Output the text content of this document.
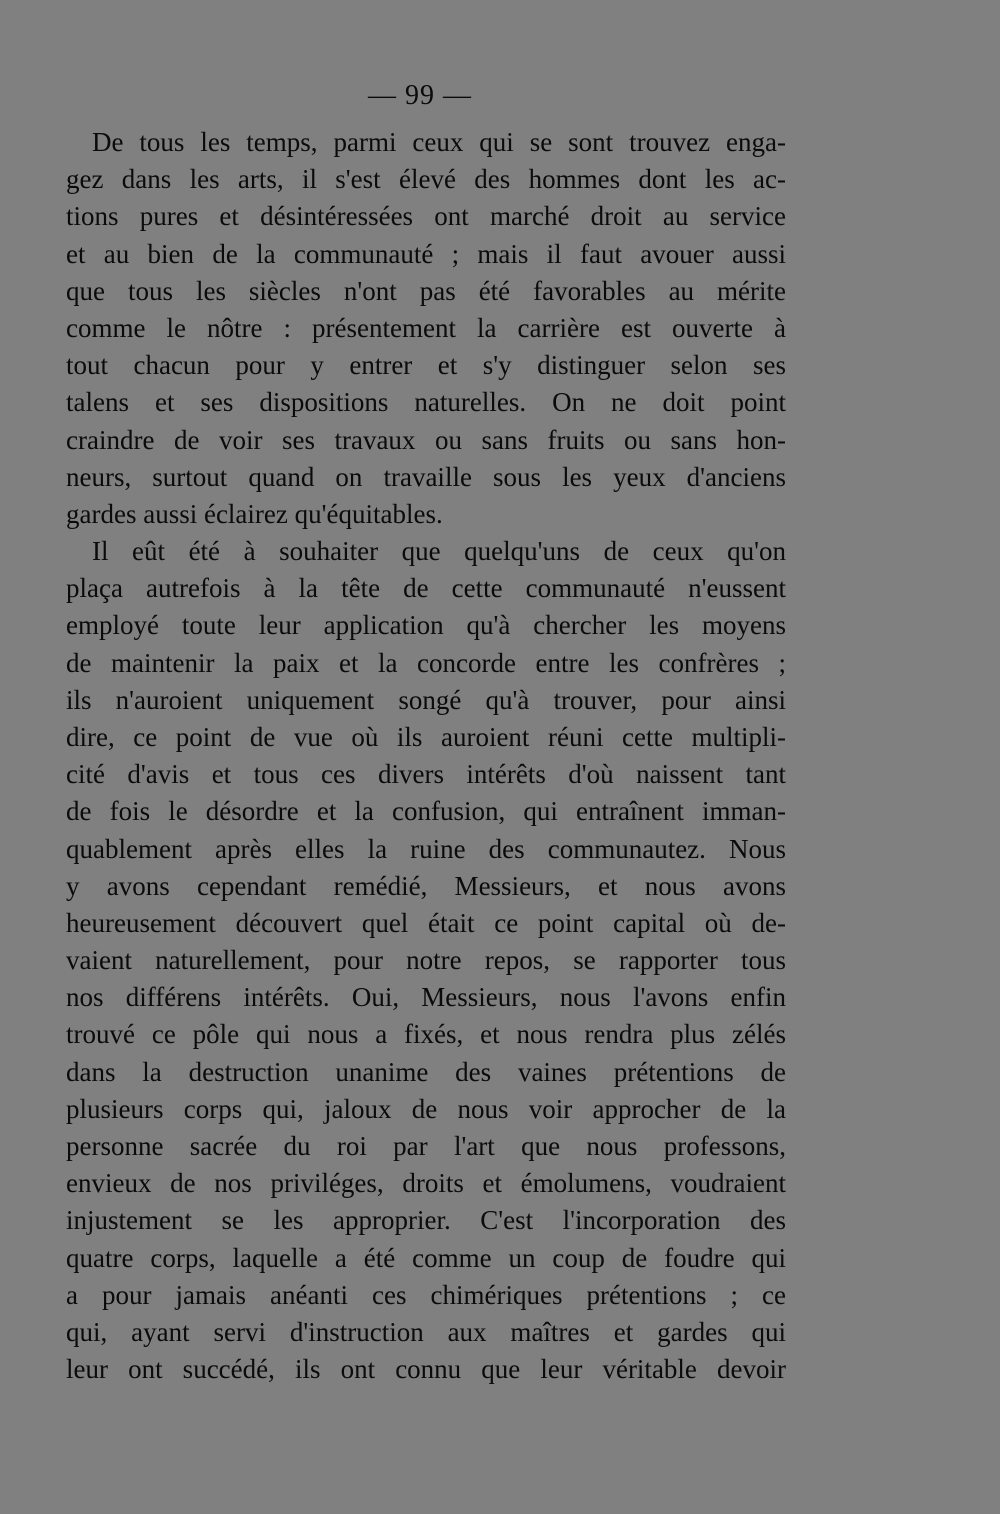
— 99 —

De tous les temps, parmi ceux qui se sont trouvez enga-
gez dans les arts, il s'est élevé des hommes dont les ac-
tions pures et désintéressées ont marché droit au service
et au bien de la communauté ; mais il faut avouer aussi
que tous les siècles n'ont pas été favorables au mérite
comme le nôtre : présentement la carrière est ouverte à
tout chacun pour y entrer et s'y distinguer selon ses
talens et ses dispositions naturelles. On ne doit point
craindre de voir ses travaux ou sans fruits ou sans hon-
neurs, surtout quand on travaille sous les yeux d'anciens
gardes aussi éclairez qu'équitables.

Il eût été à souhaiter que quelqu'uns de ceux qu'on
plaça autrefois à la tête de cette communauté n'eussent
employé toute leur application qu'à chercher les moyens
de maintenir la paix et la concorde entre les confrères ;
ils n'auroient uniquement songé qu'à trouver, pour ainsi
dire, ce point de vue où ils auroient réuni cette multipli-
cité d'avis et tous ces divers intérêts d'où naissent tant
de fois le désordre et la confusion, qui entraînent imman-
quablement après elles la ruine des communautez. Nous
y avons cependant remédié, Messieurs, et nous avons
heureusement découvert quel était ce point capital où de-
vaient naturellement, pour notre repos, se rapporter tous
nos différens intérêts. Oui, Messieurs, nous l'avons enfin
trouvé ce pôle qui nous a fixés, et nous rendra plus zélés
dans la destruction unanime des vaines prétentions de
plusieurs corps qui, jaloux de nous voir approcher de la
personne sacrée du roi par l'art que nous professons,
envieux de nos priviléges, droits et émolumens, voudraient
injustement se les approprier. C'est l'incorporation des
quatre corps, laquelle a été comme un coup de foudre qui
a pour jamais anéanti ces chimériques prétentions ; ce
qui, ayant servi d'instruction aux maîtres et gardes qui
leur ont succédé, ils ont connu que leur véritable devoir
